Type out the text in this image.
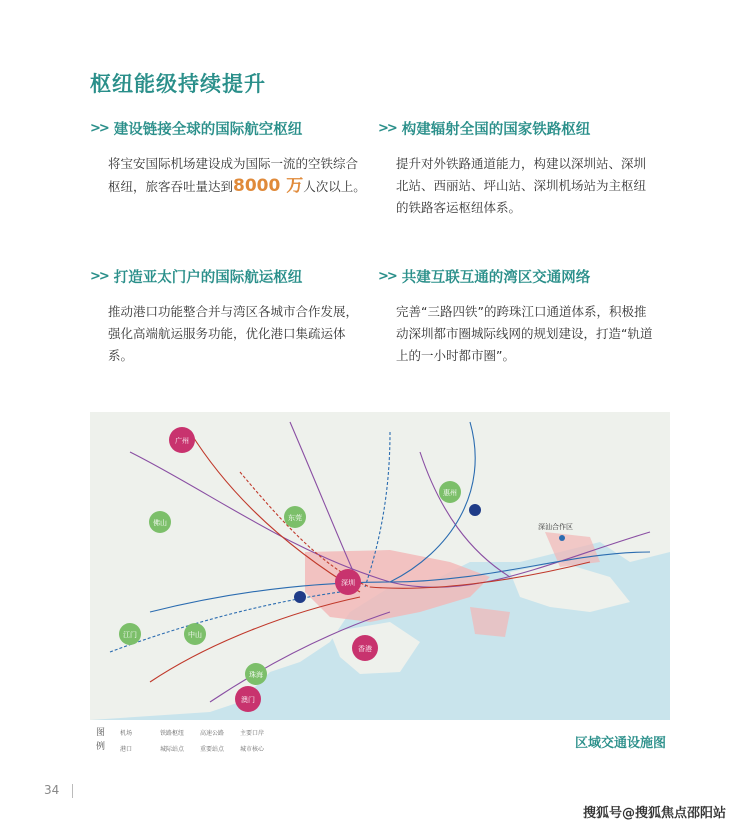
枢纽能级持续提升
>> 建设链接全球的国际航空枢纽
将宝安国际机场建设成为国际一流的空铁综合枢纽，旅客吞吐量达到8000 万人次以上。
>> 构建辐射全国的国家铁路枢纽
提升对外铁路通道能力，构建以深圳站、深圳北站、西丽站、坪山站、深圳机场站为主枢纽的铁路客运枢纽体系。
>> 打造亚太门户的国际航运枢纽
推动港口功能整合并与湾区各城市合作发展，强化高端航运服务功能，优化港口集疏运体系。
>> 共建互联互通的湾区交通网络
完善“三路四铁”的跨珠江口通道体系，积极推动深圳都市圈城际线网的规划建设，打造“轨道上的一小时都市圈”。
广州
深圳
香港
澳门
东莞
惠州
中山
江门
佛山
珠海
深汕合作区
图例
机场
港口
铁路枢纽
城际站点
高速公路
重要站点
主要口岸
城市核心	区域交通设施图
34
搜狐号@搜狐焦点邵阳站
